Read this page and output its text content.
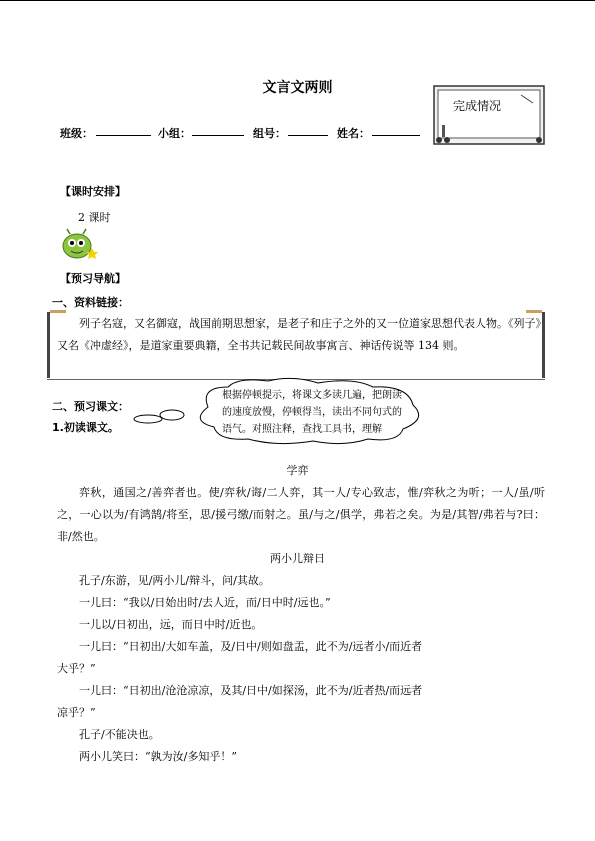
文言文两则
班级：	小组：	组号：	姓名：
完成情况
【课时安排】
2 课时
【预习导航】
一、资料链接：
列子名寇，又名御寇，战国前期思想家，是老子和庄子之外的又一位道家思想代表人物。《列子》又名《冲虚经》，是道家重要典籍，全书共记载民间故事寓言、神话传说等 134 则。
二、预习课文：
1.初读课文。
根据停顿提示，将课文多读几遍，把朗读的速度放慢，停顿得当，读出不同句式的语气。对照注释，查找工具书，理解
学弈
弈秋，通国之/善弈者也。使/弈秋/诲/二人弈，其一人/专心致志，惟/弈秋之为听；一人/虽/听之，一心以为/有鸿鹄/将至，思/援弓缴/而射之。虽/与之/俱学，弗若之矣。为是/其智/弗若与?曰：非/然也。
两小儿辩日
孔子/东游，见/两小儿/辩斗，问/其故。
一儿曰：“我以/日始出时/去人近，而/日中时/远也。”
一儿以/日初出，远，而日中时/近也。
一儿曰：“日初出/大如车盖，及/日中/则如盘盂，此不为/远者小/而近者
大乎？”
一儿曰：“日初出/沧沧凉凉，及其/日中/如探汤，此不为/近者热/而远者
凉乎？”
孔子/不能决也。
两小儿笑曰：“孰为汝/多知乎！”
